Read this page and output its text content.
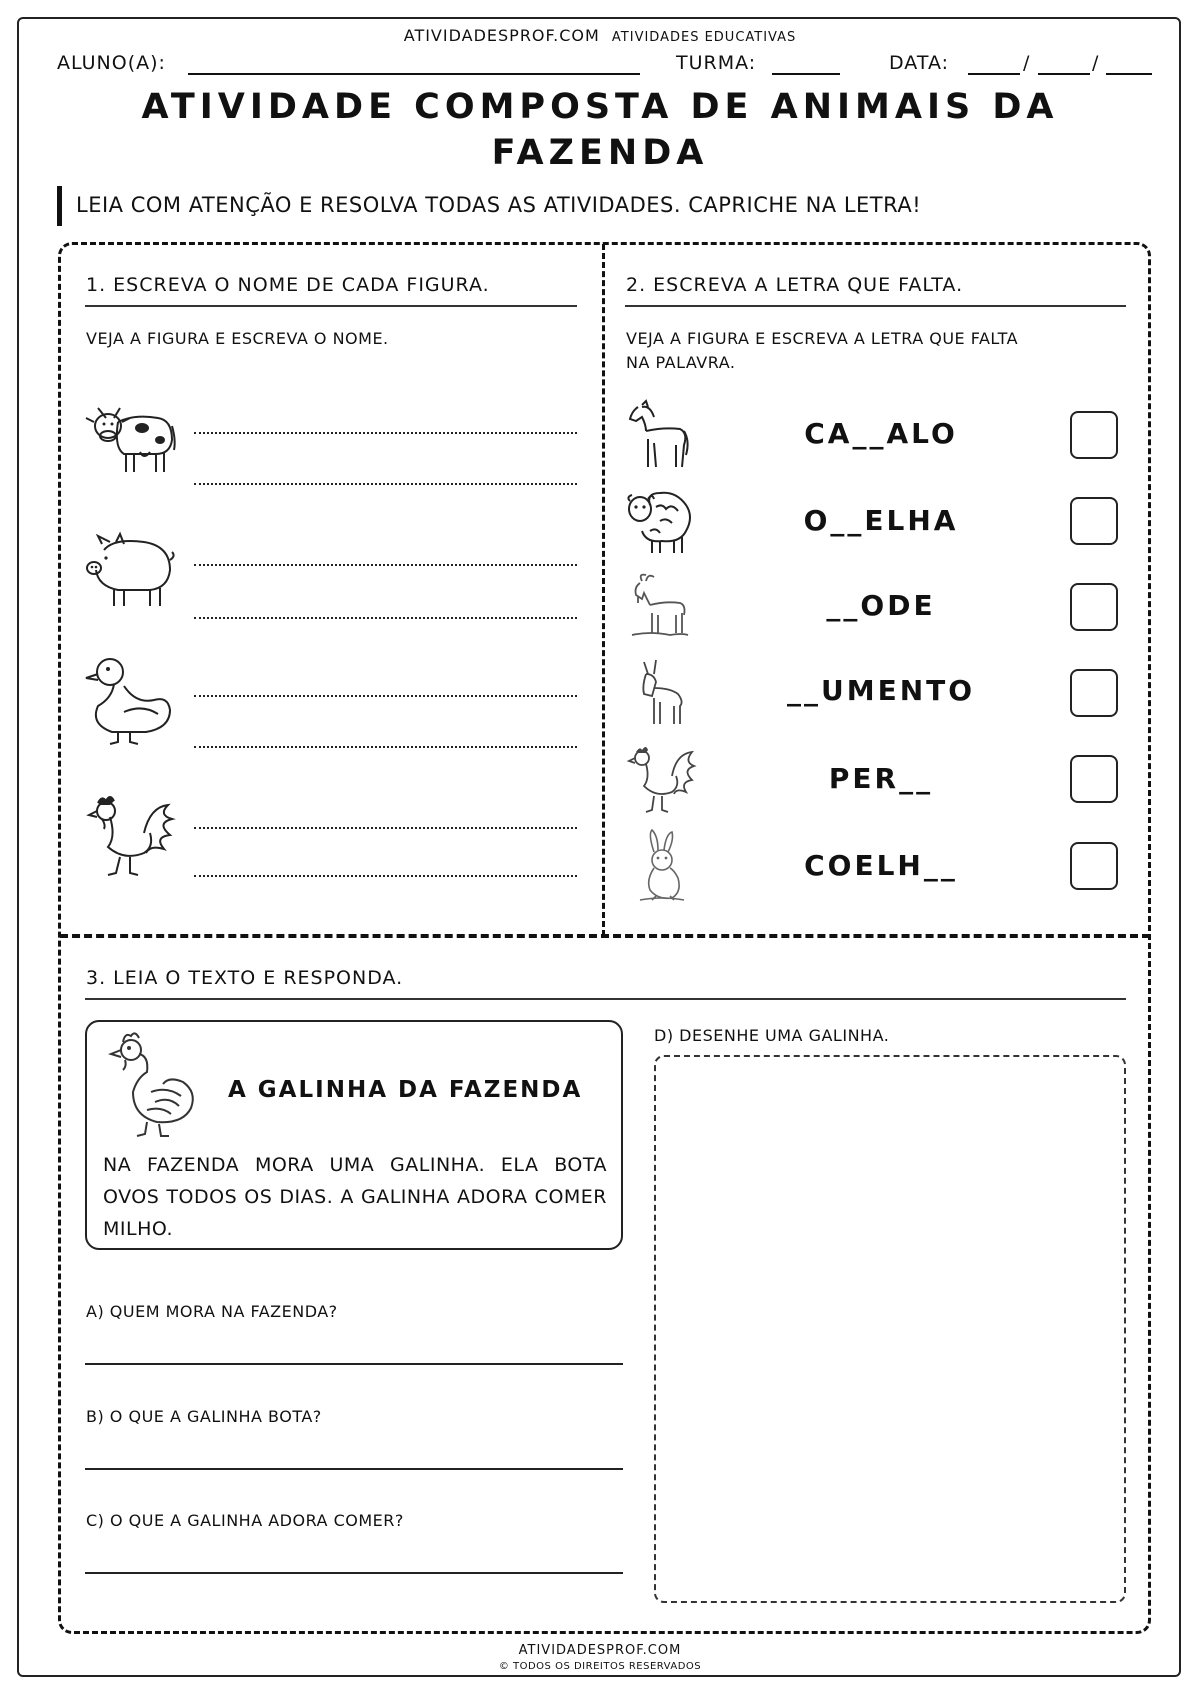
ATIVIDADESPROF.COM ATIVIDADES EDUCATIVAS
ALUNO(A):	TURMA:	DATA:	/	/
ATIVIDADE COMPOSTA DE ANIMAIS DA
FAZENDA
LEIA COM ATENÇÃO E RESOLVA TODAS AS ATIVIDADES. CAPRICHE NA LETRA!
1. ESCREVA O NOME DE CADA FIGURA.
VEJA A FIGURA E ESCREVA O NOME.
2. ESCREVA A LETRA QUE FALTA.
VEJA A FIGURA E ESCREVA A LETRA QUE FALTA
NA PALAVRA.
CA__ALO
O__ELHA
__ODE
__UMENTO
PER__
COELH__
3. LEIA O TEXTO E RESPONDA.
A GALINHA DA FAZENDA
NA FAZENDA MORA UMA GALINHA. ELA BOTA OVOS TODOS OS DIAS. A GALINHA ADORA COMER MILHO.
A) QUEM MORA NA FAZENDA?
B) O QUE A GALINHA BOTA?
C) O QUE A GALINHA ADORA COMER?
D) DESENHE UMA GALINHA.
ATIVIDADESPROF.COM
© TODOS OS DIREITOS RESERVADOS
